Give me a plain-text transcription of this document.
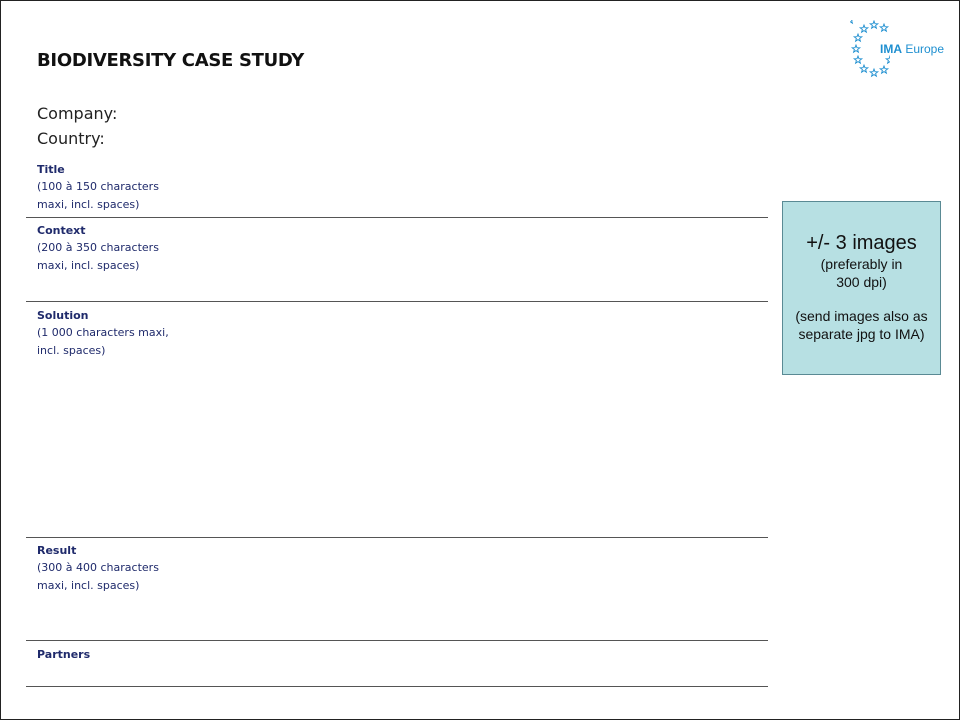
BIODIVERSITY CASE STUDY
Company:
Country:
IMA Europe
Title
(100 à 150 characters
maxi, incl. spaces)
Context
(200 à 350 characters
maxi, incl. spaces)
Solution
(1 000 characters maxi,
incl. spaces)
Result
(300 à 400 characters
maxi, incl. spaces)
Partners
+/- 3 images
(preferably in
300 dpi)
(send images also as
separate jpg to IMA)
